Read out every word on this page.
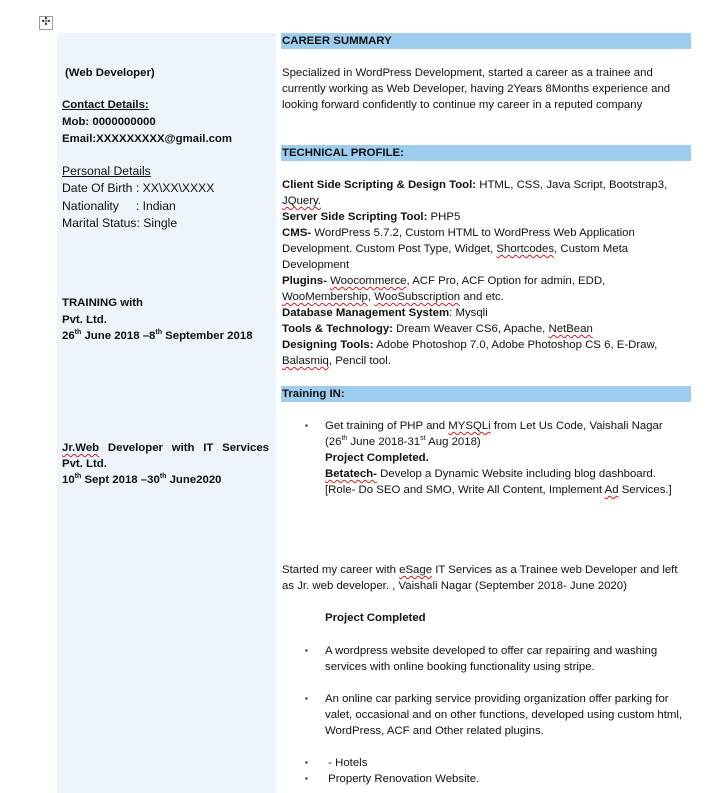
✣
(Web Developer)
Contact Details:
Mob: 0000000000
Email:XXXXXXXXX@gmail.com
Personal Details
Date Of Birth : XX\XX\XXXX
Nationality     : Indian
Marital Status: Single
TRAINING with
Pvt. Ltd.
26th June 2018 –8th September 2018
Jr.Web Developer with IT Services
Pvt. Ltd.
10th Sept 2018 –30th June2020
CAREER SUMMARY
Specialized in WordPress Development, started a career as a trainee and currently working as Web Developer, having 2Years 8Months experience and looking forward confidently to continue my career in a reputed company
TECHNICAL PROFILE:
Client Side Scripting & Design Tool: HTML, CSS, Java Script, Bootstrap3,
JQuery.
Server Side Scripting Tool: PHP5
CMS- WordPress 5.7.2, Custom HTML to WordPress Web Application Development. Custom Post Type, Widget, Shortcodes, Custom Meta Development
Plugins- Woocommerce, ACF Pro, ACF Option for admin, EDD, WooMembership, WooSubscription and etc.
Database Management System: Mysqli
Tools & Technology: Dream Weaver CS6, Apache, NetBean
Designing Tools: Adobe Photoshop 7.0, Adobe Photoshop CS 6, E-Draw, Balasmiq, Pencil tool.
Training IN:
▪	Get training of PHP and MYSQLi from Let Us Code, Vaishali Nagar
(26th June 2018-31st Aug 2018)
Project Completed.
Betatech- Develop a Dynamic Website including blog dashboard.
[Role- Do SEO and SMO, Write All Content, Implement Ad Services.]
Started my career with eSage IT Services as a Trainee web Developer and left as Jr. web developer. , Vaishali Nagar (September 2018- June 2020)
Project Completed
▪	A wordpress website developed to offer car repairing and washing services with online booking functionality using stripe.
▪	An online car parking service providing organization offer parking for valet, occasional and on other functions, developed using custom html, WordPress, ACF and Other related plugins.
▪	- Hotels
▪	Property Renovation Website.
